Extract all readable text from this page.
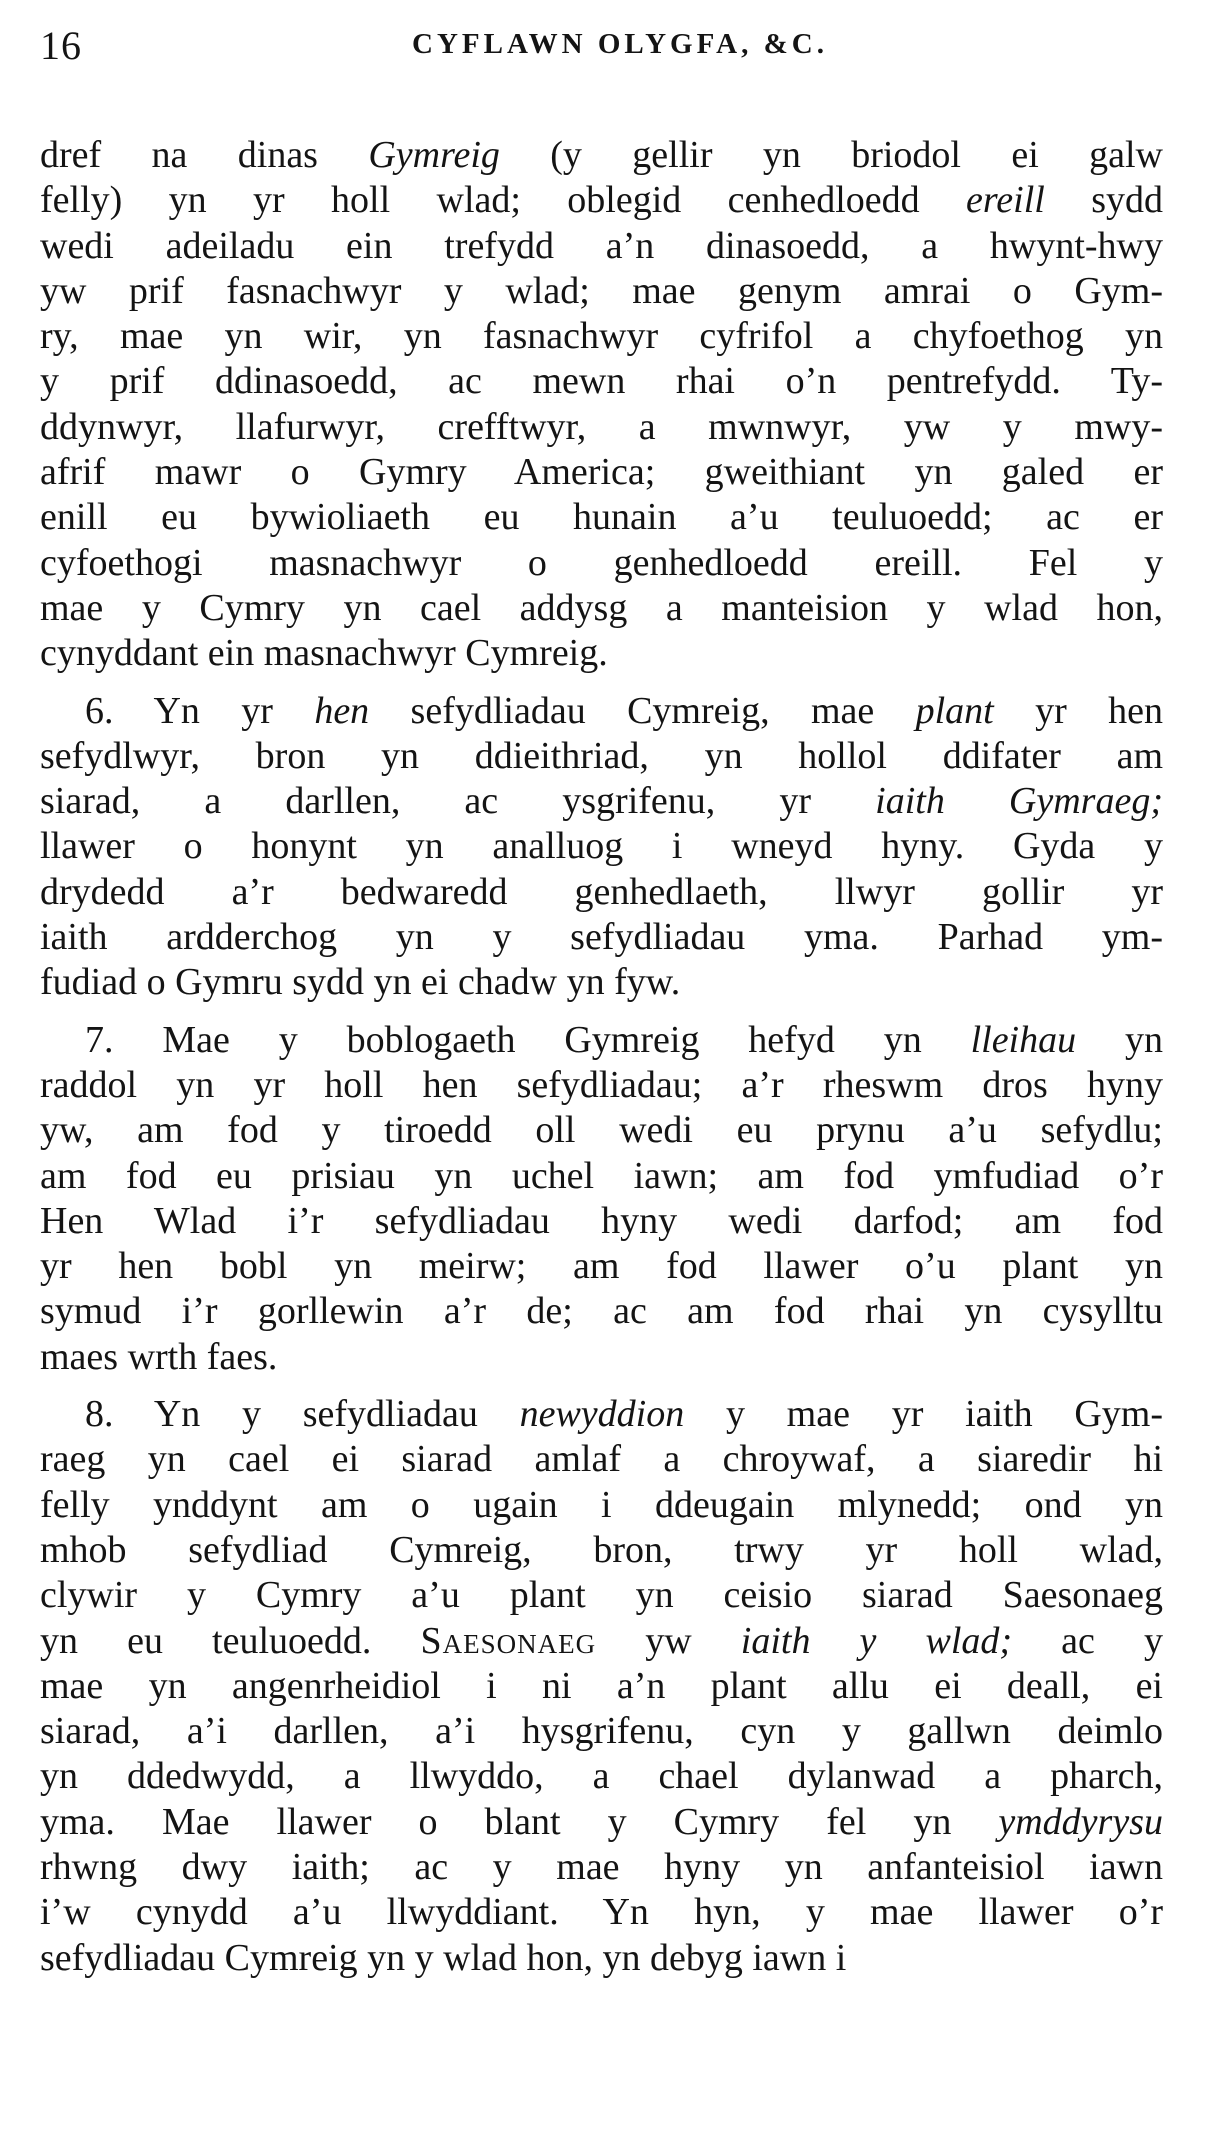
16	CYFLAWN OLYGFA, &C.
dref na dinas Gymreig (y gellir yn briodol ei galw
felly) yn yr holl wlad; oblegid cenhedloedd ereill sydd
wedi adeiladu ein trefydd a’n dinasoedd, a hwynt-hwy
yw prif fasnachwyr y wlad; mae genym amrai o Gym-
ry, mae yn wir, yn fasnachwyr cyfrifol a chyfoethog yn
y prif ddinasoedd, ac mewn rhai o’n pentrefydd. Ty-
ddynwyr, llafurwyr, crefftwyr, a mwnwyr, yw y mwy-
afrif mawr o Gymry America; gweithiant yn galed er
enill eu bywioliaeth eu hunain a’u teuluoedd; ac er
cyfoethogi masnachwyr o genhedloedd ereill. Fel y
mae y Cymry yn cael addysg a manteision y wlad hon,
cynyddant ein masnachwyr Cymreig.
6. Yn yr hen sefydliadau Cymreig, mae plant yr hen
sefydlwyr, bron yn ddieithriad, yn hollol ddifater am
siarad, a darllen, ac ysgrifenu, yr iaith Gymraeg;
llawer o honynt yn analluog i wneyd hyny. Gyda y
drydedd a’r bedwaredd genhedlaeth, llwyr gollir yr
iaith ardderchog yn y sefydliadau yma. Parhad ym-
fudiad o Gymru sydd yn ei chadw yn fyw.
7. Mae y boblogaeth Gymreig hefyd yn lleihau yn
raddol yn yr holl hen sefydliadau; a’r rheswm dros hyny
yw, am fod y tiroedd oll wedi eu prynu a’u sefydlu;
am fod eu prisiau yn uchel iawn; am fod ymfudiad o’r
Hen Wlad i’r sefydliadau hyny wedi darfod; am fod
yr hen bobl yn meirw; am fod llawer o’u plant yn
symud i’r gorllewin a’r de; ac am fod rhai yn cysylltu
maes wrth faes.
8. Yn y sefydliadau newyddion y mae yr iaith Gym-
raeg yn cael ei siarad amlaf a chroywaf, a siaredir hi
felly ynddynt am o ugain i ddeugain mlynedd; ond yn
mhob sefydliad Cymreig, bron, trwy yr holl wlad,
clywir y Cymry a’u plant yn ceisio siarad Saesonaeg
yn eu teuluoedd. Saesonaeg yw iaith y wlad; ac y
mae yn angenrheidiol i ni a’n plant allu ei deall, ei
siarad, a’i darllen, a’i hysgrifenu, cyn y gallwn deimlo
yn ddedwydd, a llwyddo, a chael dylanwad a pharch,
yma. Mae llawer o blant y Cymry fel yn ymddyrysu
rhwng dwy iaith; ac y mae hyny yn anfanteisiol iawn
i’w cynydd a’u llwyddiant. Yn hyn, y mae llawer o’r
sefydliadau Cymreig yn y wlad hon, yn debyg iawn i
